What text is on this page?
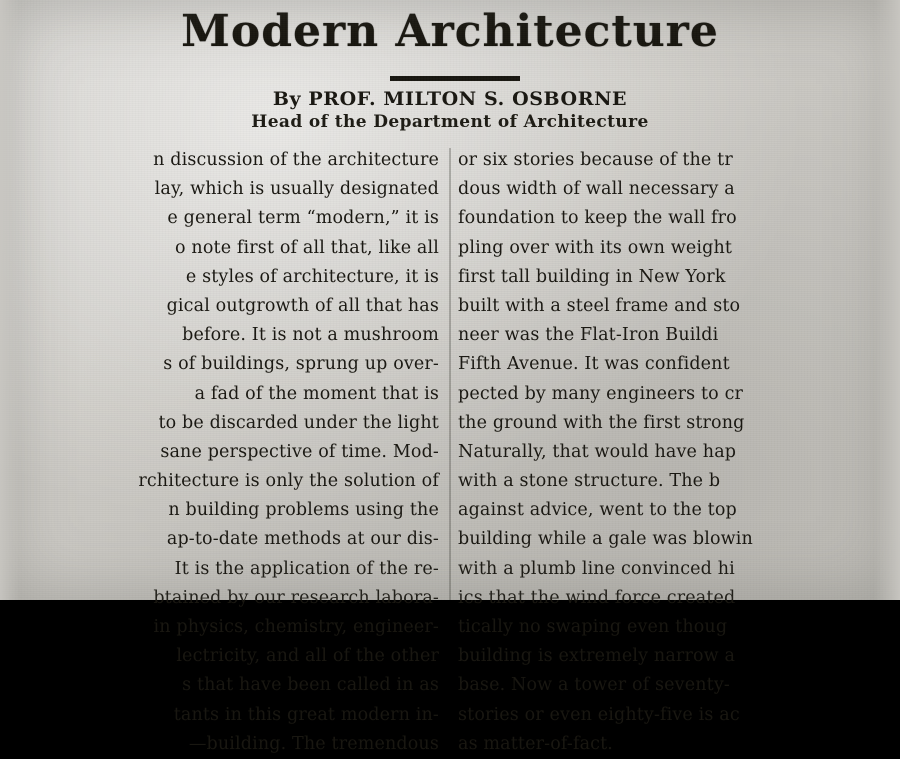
Modern Architecture
By PROF. MILTON S. OSBORNE
Head of the Department of Architecture
n discussion of the architecture
lay, which is usually designated
e general term “modern,” it is
o note first of all that, like all
e styles of architecture, it is
gical outgrowth of all that has
before. It is not a mushroom
s of buildings, sprung up over-
a fad of the moment that is
to be discarded under the light
sane perspective of time. Mod-
rchitecture is only the solution of
n building problems using the
ap-to-date methods at our dis-
It is the application of the re-
btained by our research labora-
in physics, chemistry, engineer-
lectricity, and all of the other
s that have been called in as
tants in this great modern in-
—building. The tremendous
or six stories because of the tr
dous width of wall necessary a
foundation to keep the wall fro
pling over with its own weight
first tall building in New York
built with a steel frame and sto
neer was the Flat-Iron Buildi
Fifth Avenue. It was confident
pected by many engineers to cr
the ground with the first strong
Naturally, that would have hap
with a stone structure. The b
against advice, went to the top
building while a gale was blowin
with a plumb line convinced hi
ics that the wind force created
tically no swaping even thoug
building is extremely narrow a
base. Now a tower of seventy-
stories or even eighty-five is ac
as matter-of-fact.
